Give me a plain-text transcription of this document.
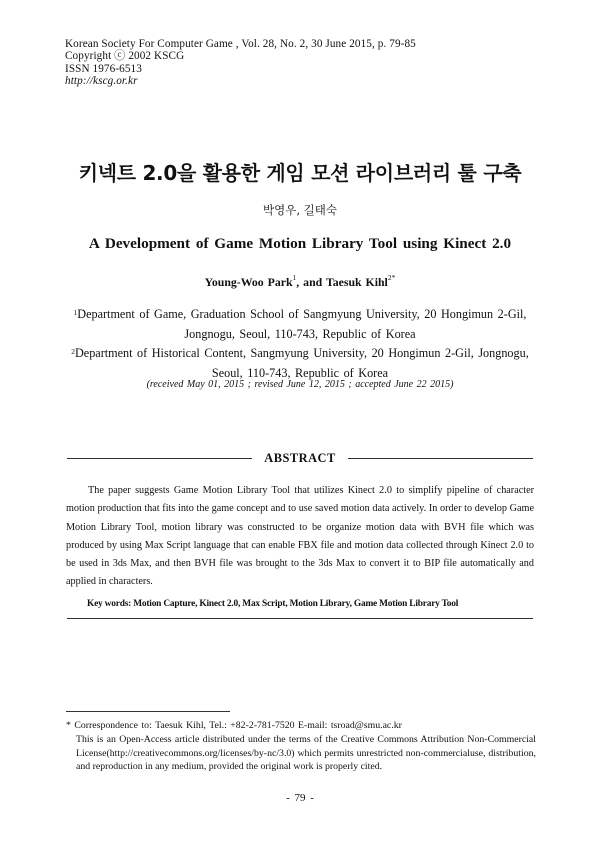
Korean Society For Computer Game , Vol. 28, No. 2, 30 June 2015, p. 79-85
Copyright ⓒ 2002 KSCG
ISSN 1976-6513
http://kscg.or.kr
키넥트 2.0을 활용한 게임 모션 라이브러리 툴 구축
박영우, 길태숙
A Development of Game Motion Library Tool using Kinect 2.0
Young-Woo Park$^1$, and Taesuk Kihl$^{2*}$
$^1$Department of Game, Graduation School of Sangmyung University, 20 Hongimun 2-Gil, Jongnogu, Seoul, 110-743, Republic of Korea
$^2$Department of Historical Content, Sangmyung University, 20 Hongimun 2-Gil, Jongnogu, Seoul, 110-743, Republic of Korea
(received May 01, 2015 ; revised June 12, 2015 ; accepted June 22 2015)
ABSTRACT

The paper suggests Game Motion Library Tool that utilizes Kinect 2.0 to simplify pipeline of character motion production that fits into the game concept and to use saved motion data actively. In order to develop Game Motion Library Tool, motion library was constructed to be organize motion data with BVH file which was produced by using Max Script language that can enable FBX file and motion data collected through Kinect 2.0 to be used in 3ds Max, and then BVH file was brought to the 3ds Max to convert it to BIP file automatically and applied in characters.

Key words: Motion Capture, Kinect 2.0, Max Script, Motion Library, Game Motion Library Tool
* Correspondence to: Taesuk Kihl, Tel.: +82-2-781-7520 E-mail: tsroad@smu.ac.kr
This is an Open-Access article distributed under the terms of the Creative Commons Attribution Non-Commercial License(http://creativecommons.org/licenses/by-nc/3.0) which permits unrestricted non-commercialuse, distribution, and reproduction in any medium, provided the original work is properly cited.
- 79 -
